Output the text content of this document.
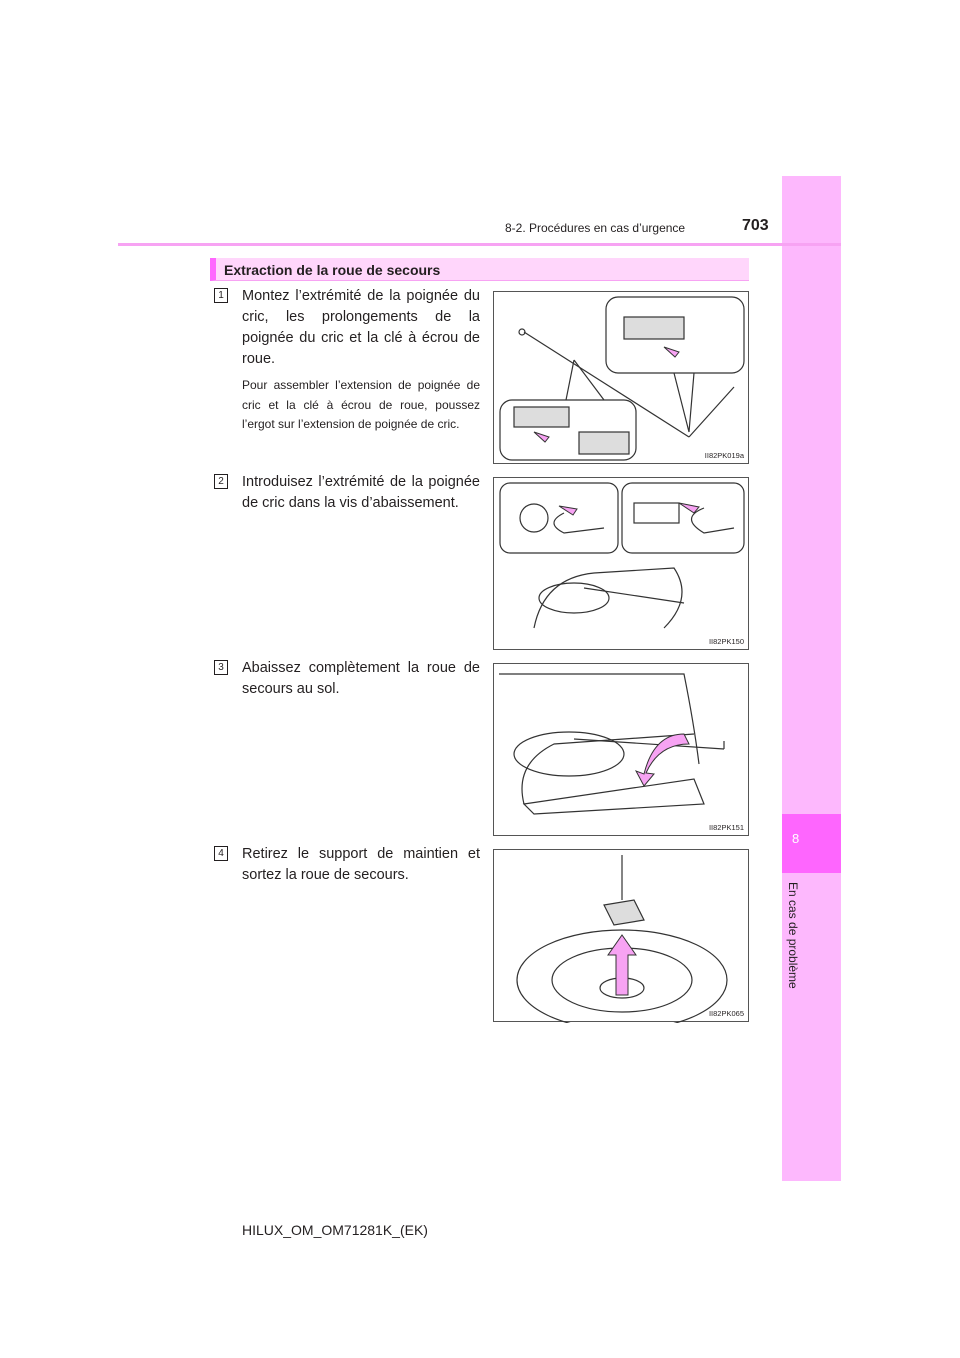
8
En cas de problème
8-2. Procédures en cas d’urgence	703
Extraction de la roue de secours
1 Montez l’extrémité de la poignée du cric, les prolongements de la poignée du cric et la clé à écrou de roue.
Pour assembler l’extension de poignée de cric et la clé à écrou de roue, poussez l’ergot sur l’extension de poignée de cric.
II82PK019a
2 Introduisez l’extrémité de la poignée de cric dans la vis d’abaissement.
II82PK150
3 Abaissez complètement la roue de secours au sol.
II82PK151
4 Retirez le support de maintien et sortez la roue de secours.
II82PK065
HILUX_OM_OM71281K_(EK)
